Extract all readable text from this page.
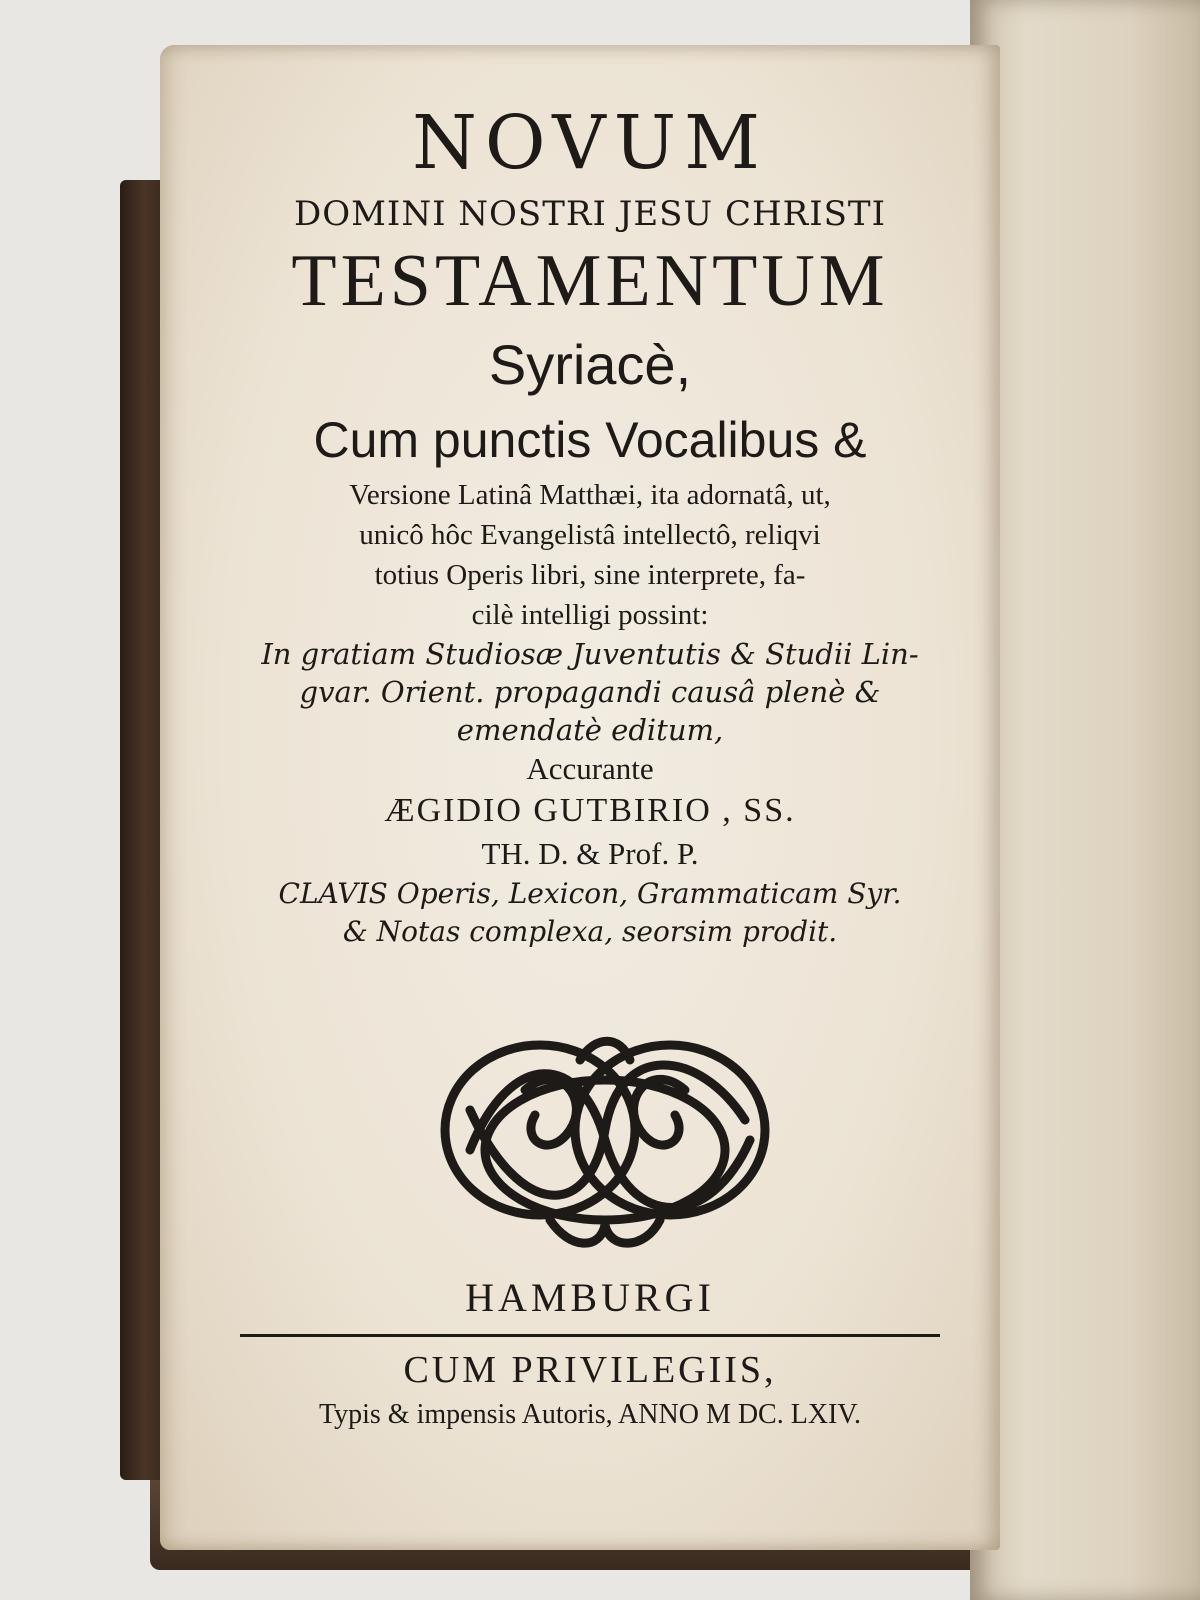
NOVUM
DOMINI NOSTRI JESU CHRISTI
TESTAMENTUM
Syriacè,
Cum punctis Vocalibus &
Versione Latinâ Matthæi, ita adornatâ, ut,
unicô hôc Evangelistâ intellectô, reliqvi
totius Operis libri, sine interprete, fa-
cilè intelligi possint:
In gratiam Studiosæ Juventutis & Studii Lin-
gvar. Orient. propagandi causâ plenè &
emendatè editum,
Accurante
ÆGIDIO GUTBIRIO , SS.
TH. D. & Prof. P.
CLAVIS Operis, Lexicon, Grammaticam Syr.
& Notas complexa, seorsim prodit.
HAMBURGI
CUM PRIVILEGIIS,
Typis & impensis Autoris, ANNO M DC. LXIV.
